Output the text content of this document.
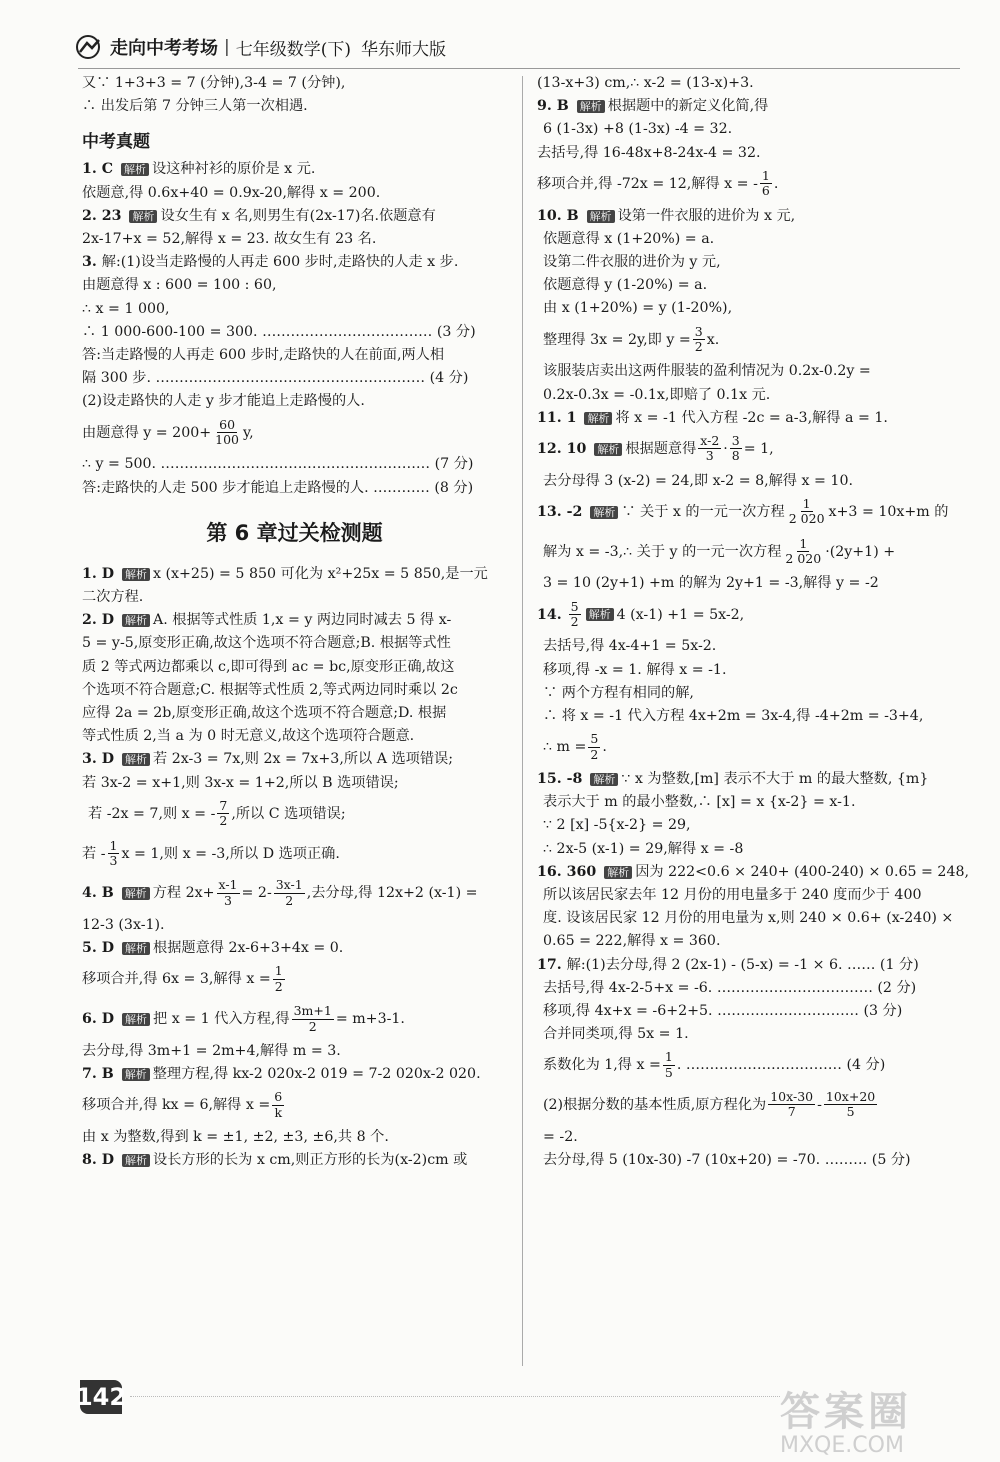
走向中考考场 | 七年级数学(下) 华东师大版
又∵ 1+3+3 = 7 (分钟),3-4 = 7 (分钟),
∴ 出发后第 7 分钟三人第一次相遇.
中考真题
1. C 解析 设这种衬衫的原价是 x 元.
依题意,得 0.6x+40 = 0.9x-20,解得 x = 200.
2. 23 解析 设女生有 x 名,则男生有(2x-17)名.依题意有
2x-17+x = 52,解得 x = 23. 故女生有 23 名.
3. 解:(1)设当走路慢的人再走 600 步时,走路快的人走 x 步.
由题意得 x : 600 = 100 : 60,
∴ x = 1 000,
∴ 1 000-600-100 = 300. ……………………………… (3 分)
答:当走路慢的人再走 600 步时,走路快的人在前面,两人相
隔 300 步. ………………………………………………… (4 分)
(2)设走路快的人走 y 步才能追上走路慢的人.
由题意得 $y = 200+ \frac{60}{100} y$,
∴ y = 500. ………………………………………………… (7 分)
答:走路快的人走 500 步才能追上走路慢的人. ………… (8 分)
第 6 章过关检测题
1. D 解析 x (x+25) = 5 850 可化为 x²+25x = 5 850,是一元
二次方程.
2. D 解析 A. 根据等式性质 1,x = y 两边同时减去 5 得 x-
5 = y-5,原变形正确,故这个选项不符合题意;B. 根据等式性
质 2 等式两边都乘以 c,即可得到 ac = bc,原变形正确,故这
个选项不符合题意;C. 根据等式性质 2,等式两边同时乘以 2c
应得 2a = 2b,原变形正确,故这个选项不符合题意;D. 根据
等式性质 2,当 a 为 0 时无意义,故这个选项符合题意.
3. D 解析 若 2x-3 = 7x,则 2x = 7x+3,所以 A 选项错误;
若 3x-2 = x+1,则 3x-x = 1+2,所以 B 选项错误;
若 -2x = 7,则 x = - $\frac{7}{2}$ ,所以 C 选项错误;
若 - $\frac{1}{3}$ x = 1,则 x = -3,所以 D 选项正确.
4. B 解析 方程 $2x+ \frac{x-1}{3} = 2- \frac{3x-1}{2}$ ,去分母,得 12x+2 (x-1) =
12-3 (3x-1).
5. D 解析 根据题意得 2x-6+3+4x = 0.
移项合并,得 6x = 3,解得 $x = \frac{1}{2}$
6. D 解析 把 x = 1 代入方程,得 $\frac{3m+1}{2} = m+3-1$.
去分母,得 3m+1 = 2m+4,解得 m = 3.
7. B 解析 整理方程,得 kx-2 020x-2 019 = 7-2 020x-2 020.
移项合并,得 kx = 6,解得 $x = \frac{6}{k}$
由 x 为整数,得到 k = ±1, ±2, ±3, ±6,共 8 个.
8. D 解析 设长方形的长为 x cm,则正方形的长为(x-2)cm 或
(13-x+3) cm,∴ x-2 = (13-x)+3.
9. B 解析 根据题中的新定义化简,得
6 (1-3x) +8 (1-3x) -4 = 32.
去括号,得 16-48x+8-24x-4 = 32.
移项合并,得 -72x = 12,解得 x = - $\frac{1}{6}$ .
10. B 解析 设第一件衣服的进价为 x 元,
依题意得 x (1+20%) = a.
设第二件衣服的进价为 y 元,
依题意得 y (1-20%) = a.
由 x (1+20%) = y (1-20%),
整理得 3x = 2y,即 $y = \frac{3}{2} x$.
该服装店卖出这两件服装的盈利情况为 0.2x-0.2y =
0.2x-0.3x = -0.1x,即赔了 0.1x 元.
11. 1 解析 将 x = -1 代入方程 -2c = a-3,解得 a = 1.
12. 10 解析 根据题意得 $\frac{x-2}{3} \cdot \frac{3}{8} = 1$,
去分母得 3 (x-2) = 24,即 x-2 = 8,解得 x = 10.
13. -2 解析 ∵ 关于 x 的一元一次方程 $\frac{1}{2 020} x+3 = 10x+m$ 的
解为 x = -3,∴ 关于 y 的一元一次方程 $\frac{1}{2 020} \cdot(2y+1)$ +
3 = 10 (2y+1) +m 的解为 2y+1 = -3,解得 y = -2
14. $\frac{5}{2}$ 解析 4 (x-1) +1 = 5x-2,
去括号,得 4x-4+1 = 5x-2.
移项,得 -x = 1. 解得 x = -1.
∵ 两个方程有相同的解,
∴ 将 x = -1 代入方程 4x+2m = 3x-4,得 -4+2m = -3+4,
∴ $m = \frac{5}{2}$ .
15. -8 解析 ∵ x 为整数,[m] 表示不大于 m 的最大整数, {m}
表示大于 m 的最小整数,∴ [x] = x {x-2} = x-1.
∵ 2 [x] -5{x-2} = 29,
∴ 2x-5 (x-1) = 29,解得 x = -8
16. 360 解析 因为 222<0.6 × 240+ (400-240) × 0.65 = 248,
所以该居民家去年 12 月份的用电量多于 240 度而少于 400
度. 设该居民家 12 月份的用电量为 x,则 240 × 0.6+ (x-240) ×
0.65 = 222,解得 x = 360.
17. 解:(1)去分母,得 2 (2x-1) - (5-x) = -1 × 6. …… (1 分)
去括号,得 4x-2-5+x = -6. …………………………… (2 分)
移项,得 4x+x = -6+2+5. ………………………… (3 分)
合并同类项,得 5x = 1.
系数化为 1,得 $x = \frac{1}{5}$ . …………………………… (4 分)
(2)根据分数的基本性质,原方程化为 $\frac{10x-30}{7} - \frac{10x+20}{5}$
= -2.
去分母,得 5 (10x-30) -7 (10x+20) = -70. ……… (5 分)
142	答案圈
MXQE.COM
